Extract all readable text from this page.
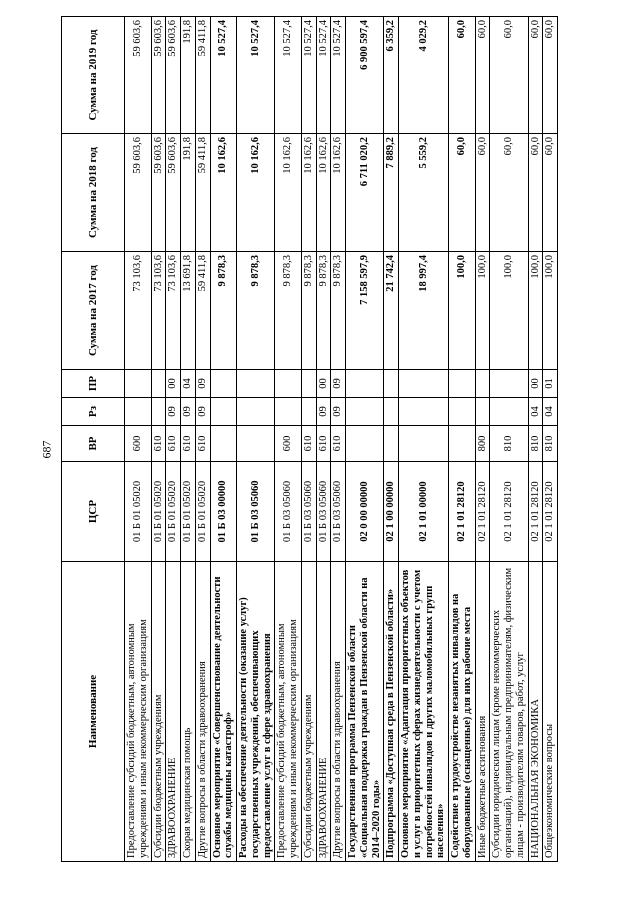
687
Наименование	ЦСР	ВР	Рз	ПР	Сумма на 2017 год	Сумма на 2018 год	Сумма на 2019 год
Предоставление субсидий бюджетным, автономным учреждениям и иным некоммерческим организациям	01 Б 01 05020	600			73 103,6	59 603,6	59 603,6
Субсидии бюджетным учреждениям	01 Б 01 05020	610			73 103,6	59 603,6	59 603,6
ЗДРАВООХРАНЕНИЕ	01 Б 01 05020	610	09	00	73 103,6	59 603,6	59 603,6
Скорая медицинская помощь	01 Б 01 05020	610	09	04	13 691,8	191,8	191,8
Другие вопросы в области здравоохранения	01 Б 01 05020	610	09	09	59 411,8	59 411,8	59 411,8
Основное мероприятие «Совершенствование деятельности службы медицины катастроф»	01 Б 03 00000				9 878,3	10 162,6	10 527,4
Расходы на обеспечение деятельности (оказание услуг) государственных учреждений, обеспечивающих предоставление услуг в сфере здравоохранения	01 Б 03 05060				9 878,3	10 162,6	10 527,4
Предоставление субсидий бюджетным, автономным учреждениям и иным некоммерческим организациям	01 Б 03 05060	600			9 878,3	10 162,6	10 527,4
Субсидии бюджетным учреждениям	01 Б 03 05060	610			9 878,3	10 162,6	10 527,4
ЗДРАВООХРАНЕНИЕ	01 Б 03 05060	610	09	00	9 878,3	10 162,6	10 527,4
Другие вопросы в области здравоохранения	01 Б 03 05060	610	09	09	9 878,3	10 162,6	10 527,4
Государственная программа Пензенской области «Социальная поддержка граждан в Пензенской области на 2014–2020 годы»	02 0 00 00000				7 158 597,9	6 711 020,2	6 900 597,4
Подпрограмма «Доступная среда в Пензенской области»	02 1 00 00000				21 742,4	7 889,2	6 359,2
Основное мероприятие «Адаптация приоритетных объектов и услуг в приоритетных сферах жизнедеятельности с учетом потребностей инвалидов и других маломобильных групп населения»	02 1 01 00000				18 997,4	5 559,2	4 029,2
Содействие в трудоустройстве незанятых инвалидов на оборудованные (оснащенные) для них рабочие места	02 1 01 28120				100,0	60,0	60,0
Иные бюджетные ассигнования	02 1 01 28120	800			100,0	60,0	60,0
Субсидии юридическим лицам (кроме некоммерческих организаций), индивидуальным предпринимателям, физическим лицам - производителям товаров, работ, услуг	02 1 01 28120	810			100,0	60,0	60,0
НАЦИОНАЛЬНАЯ ЭКОНОМИКА	02 1 01 28120	810	04	00	100,0	60,0	60,0
Общеэкономические вопросы	02 1 01 28120	810	04	01	100,0	60,0	60,0
